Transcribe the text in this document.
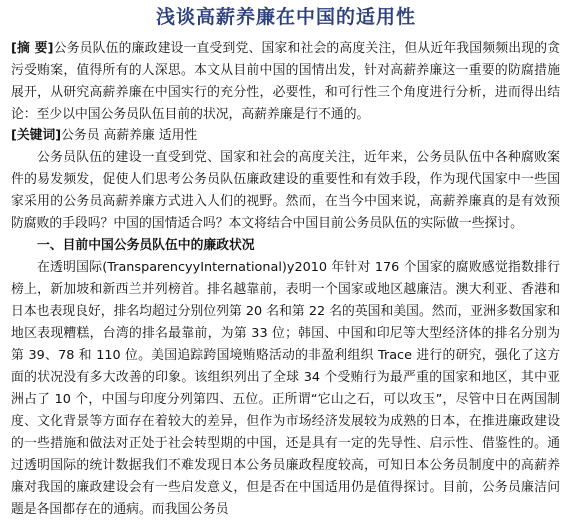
浅谈高薪养廉在中国的适用性

[摘 要]公务员队伍的廉政建设一直受到党、国家和社会的高度关注，但从近年我国频频出现的贪污受贿案，值得所有的人深思。本文从目前中国的国情出发，针对高薪养廉这一重要的防腐措施展开，从研究高薪养廉在中国实行的充分性，必要性，和可行性三个角度进行分析，进而得出结论：至少以中国公务员队伍目前的状况，高薪养廉是行不通的。

[关键词]公务员 高薪养廉 适用性

公务员队伍的建设一直受到党、国家和社会的高度关注，近年来，公务员队伍中各种腐败案件的易发频发，促使人们思考公务员队伍廉政建设的重要性和有效手段，作为现代国家中一些国家采用的公务员高薪养廉方式进入人们的视野。然而，在当今中国来说，高薪养廉真的是有效预防腐败的手段吗？中国的国情适合吗？本文将结合中国目前公务员队伍的实际做一些探讨。

一、目前中国公务员队伍中的廉政状况

在透明国际(TransparencyyInternational)y2010 年针对 176 个国家的腐败感觉指数排行榜上，新加坡和新西兰并列榜首。排名越靠前，表明一个国家或地区越廉洁。澳大利亚、香港和日本也表现良好，排名均超过分别位列第 20 名和第 22 名的英国和美国。然而，亚洲多数国家和地区表现糟糕，台湾的排名最靠前，为第 33 位；韩国、中国和印尼等大型经济体的排名分别为第 39、78 和 110 位。美国追踪跨国境贿赂活动的非盈利组织 Trace 进行的研究，强化了这方面的状况没有多大改善的印象。该组织列出了全球 34 个受贿行为最严重的国家和地区，其中亚洲占了 10 个，中国与印度分列第四、五位。正所谓“它山之石，可以攻玉”，尽管中日在两国制度、文化背景等方面存在着较大的差异，但作为市场经济发展较为成熟的日本，在推进廉政建设的一些措施和做法对正处于社会转型期的中国，还是具有一定的先导性、启示性、借鉴性的。通过透明国际的统计数据我们不难发现日本公务员廉政程度较高，可知日本公务员制度中的高薪养廉对我国的廉政建设会有一些启发意义，但是否在中国适用仍是值得探讨。目前，公务员廉洁问题是各国都存在的通病。而我国公务员
